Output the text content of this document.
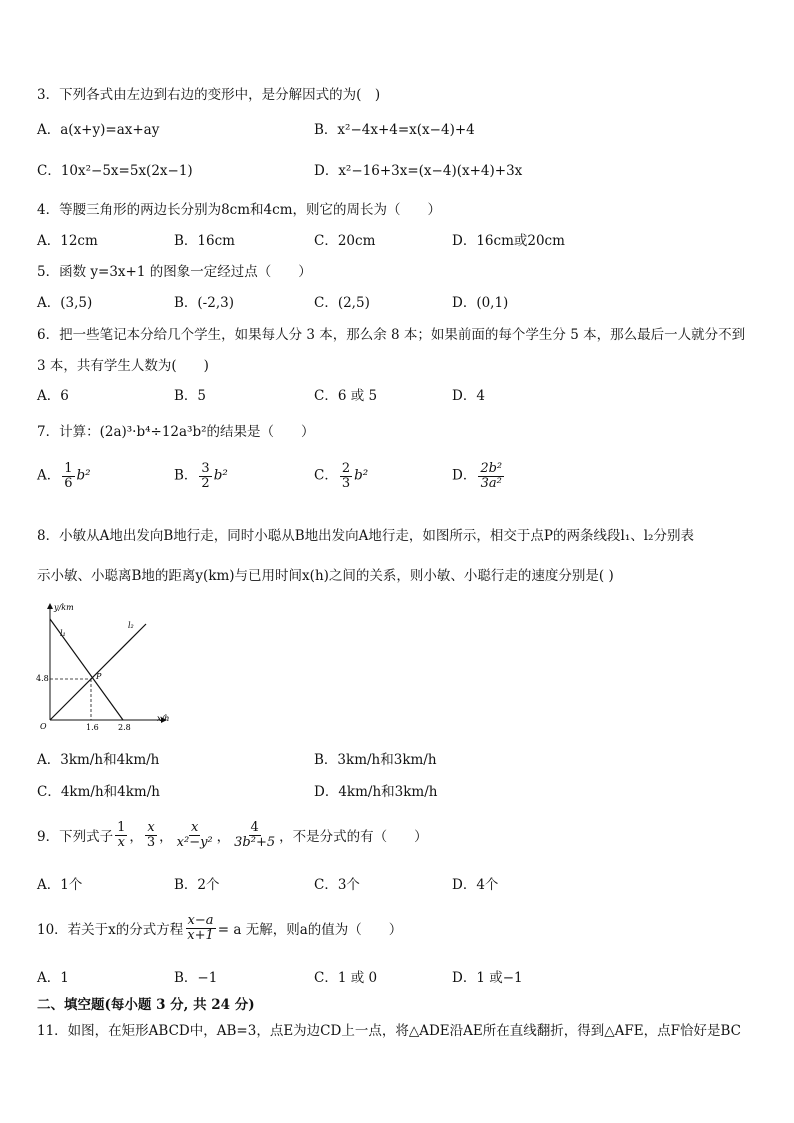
3．下列各式由左边到右边的变形中，是分解因式的为(　)
A．a(x+y)=ax+ay	B．x²−4x+4=x(x−4)+4
C．10x²−5x=5x(2x−1)	D．x²−16+3x=(x−4)(x+4)+3x
4．等腰三角形的两边长分别为8cm和4cm，则它的周长为（　　）
A．12cm	B．16cm	C．20cm	D．16cm或20cm
5．函数 y=3x+1 的图象一定经过点（　　）
A．(3,5)	B．(-2,3)	C．(2,5)	D．(0,1)
6．把一些笔记本分给几个学生，如果每人分 3 本，那么余 8 本；如果前面的每个学生分 5 本，那么最后一人就分不到
3 本，共有学生人数为(　　)
A．6	B．5	C．6 或 5	D．4
7．计算：(2a)³·b⁴÷12a³b²的结果是（　　）
A． $\frac{1}{6} b^2$	B． $\frac{3}{2} b^2$	C． $\frac{2}{3} b^2$	D． $\frac{\text{2b²}}{\text{3a²}}$
8．小敏从A地出发向B地行走，同时小聪从B地出发向A地行走，如图所示，相交于点P的两条线段l₁、l₂分别表
示小敏、小聪离B地的距离y(km)与已用时间x(h)之间的关系，则小敏、小聪行走的速度分别是( )
y/km
x/h
O
P
l₁
l₂
4.8
1.6 2.8
A．3km/h和4km/h	B．3km/h和3km/h
C．4km/h和4km/h	D．4km/h和3km/h
9．下列式子 $\frac{1}{x}$ ， $\frac{x}{3}$ ， $\frac{x}{\text{x²−y²}}$ ， $\frac{4}{\text{3b²+5}}$ ，不是分式的有（　　）
A．1个	B．2个	C．3个	D．4个
10．若关于x的分式方程 $\frac{x-a}{x+1} = a$ 无解，则a的值为（　　）
A．1	B．−1	C．1 或 0	D．1 或−1
二、填空题(每小题 3 分, 共 24 分)
11．如图，在矩形ABCD中，AB=3，点E为边CD上一点，将△ADE沿AE所在直线翻折，得到△AFE，点F恰好是BC
